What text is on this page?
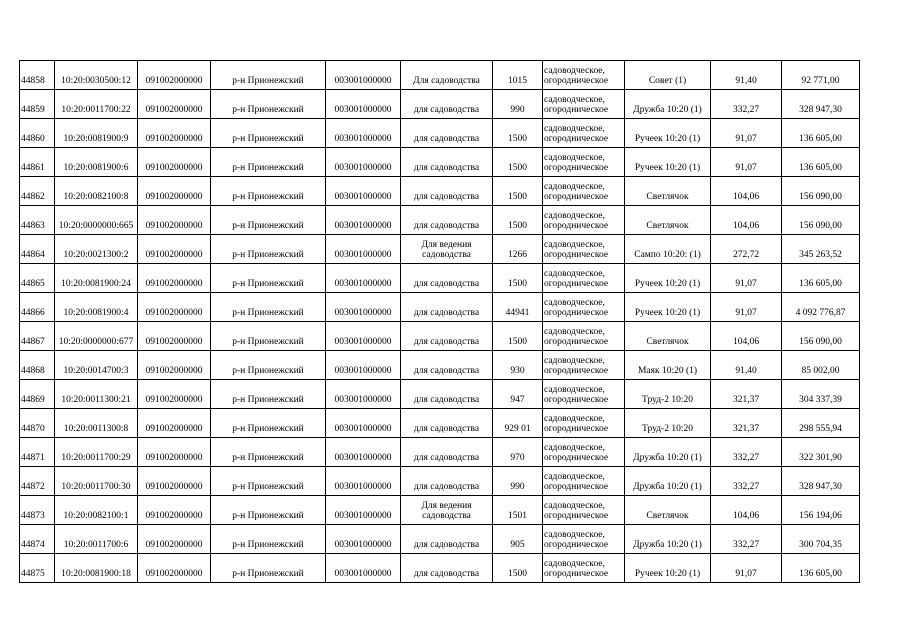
44858	10:20:0030500:12	091002000000	р-н Прионежский	003001000000	Для садоводства	1015	садоводческое,
огородническое	Совет (1)	91,40	92 771,00

44859	10:20:0011700:22	091002000000	р-н Прионежский	003001000000	для садоводства	990	садоводческое,
огородническое	Дружба 10:20 (1)	332,27	328 947,30

44860	10:20:0081900:9	091002000000	р-н Прионежский	003001000000	для садоводства	1500	садоводческое,
огородническое	Ручеек 10:20 (1)	91,07	136 605,00

44861	10:20:0081900:6	091002000000	р-н Прионежский	003001000000	для садоводства	1500	садоводческое,
огородническое	Ручеек 10:20 (1)	91,07	136 605,00

44862	10:20:0082100:8	091002000000	р-н Прионежский	003001000000	для садоводства	1500	садоводческое,
огородническое	Светлячок	104,06	156 090,00

44863	10:20:0000000:665	091002000000	р-н Прионежский	003001000000	для садоводства	1500	садоводческое,
огородническое	Светлячок	104,06	156 090,00

44864	10:20:0021300:2	091002000000	р-н Прионежский	003001000000	Для ведения
садоводства	1266	садоводческое,
огородническое	Сампо 10:20: (1)	272,72	345 263,52

44865	10:20:0081900:24	091002000000	р-н Прионежский	003001000000	для садоводства	1500	садоводческое,
огородническое	Ручеек 10:20 (1)	91,07	136 605,00

44866	10:20:0081900:4	091002000000	р-н Прионежский	003001000000	для садоводства	44941	садоводческое,
огородническое	Ручеек 10:20 (1)	91,07	4 092 776,87

44867	10:20:0000000:677	091002000000	р-н Прионежский	003001000000	для садоводства	1500	садоводческое,
огородническое	Светлячок	104,06	156 090,00

44868	10:20:0014700:3	091002000000	р-н Прионежский	003001000000	для садоводства	930	садоводческое,
огородническое	Маяк 10:20 (1)	91,40	85 002,00

44869	10:20:0011300:21	091002000000	р-н Прионежский	003001000000	для садоводства	947	садоводческое,
огородническое	Труд-2 10:20	321,37	304 337,39

44870	10:20:0011300:8	091002000000	р-н Прионежский	003001000000	для садоводства	929 01	садоводческое,
огородническое	Труд-2 10:20	321,37	298 555,94

44871	10:20:0011700:29	091002000000	р-н Прионежский	003001000000	для садоводства	970	садоводческое,
огородническое	Дружба 10:20 (1)	332,27	322 301,90

44872	10:20:0011700:30	091002000000	р-н Прионежский	003001000000	для садоводства	990	садоводческое,
огородническое	Дружба 10:20 (1)	332,27	328 947,30

44873	10:20:0082100:1	091002000000	р-н Прионежский	003001000000	Для ведения
садоводства	1501	садоводческое,
огородническое	Светлячок	104,06	156 194,06

44874	10:20:0011700:6	091002000000	р-н Прионежский	003001000000	для садоводства	905	садоводческое,
огородническое	Дружба 10:20 (1)	332,27	300 704,35

44875	10:20:0081900:18	091002000000	р-н Прионежский	003001000000	для садоводства	1500	садоводческое,
огородническое	Ручеек 10:20 (1)	91,07	136 605,00
